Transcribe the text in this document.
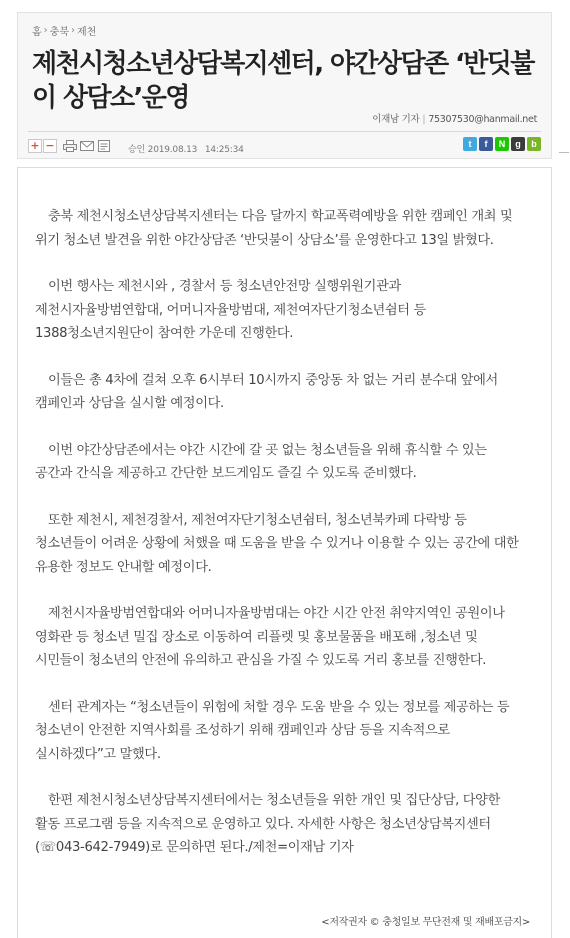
홈 › 충북 › 제천
제천시청소년상담복지센터, 야간상담존 ‘반딧불이 상담소’운영
이재남 기자 | 75307530@hanmail.net
+ −	승인 2019.08.13 14:25:34
t	f	N	g	b

충북 제천시청소년상담복지센터는 다음 달까지 학교폭력예방을 위한 캠페인 개최 및 위기 청소년 발견을 위한 야간상담존 ‘반딧불이 상담소’를 운영한다고 13일 밝혔다.

이번 행사는 제천시와 , 경찰서 등 청소년안전망 실행위원기관과 제천시자율방범연합대, 어머니자율방범대, 제천여자단기청소년쉼터 등 1388청소년지원단이 참여한 가운데 진행한다.

이들은 총 4차에 걸쳐 오후 6시부터 10시까지 중앙동 차 없는 거리 분수대 앞에서 캠페인과 상담을 실시할 예정이다.

이번 야간상담존에서는 야간 시간에 갈 곳 없는 청소년들을 위해 휴식할 수 있는 공간과 간식을 제공하고 간단한 보드게임도 즐길 수 있도록 준비했다.

또한 제천시, 제천경찰서, 제천여자단기청소년쉼터, 청소년북카페 다락방 등 청소년들이 어려운 상황에 처했을 때 도움을 받을 수 있거나 이용할 수 있는 공간에 대한 유용한 정보도 안내할 예정이다.

제천시자율방범연합대와 어머니자율방범대는 야간 시간 안전 취약지역인 공원이나 영화관 등 청소년 밀집 장소로 이동하여 리플렛 및 홍보물품을 배포해 ,청소년 및 시민들이 청소년의 안전에 유의하고 관심을 가질 수 있도록 거리 홍보를 진행한다.

센터 관계자는 “청소년들이 위험에 처할 경우 도움 받을 수 있는 정보를 제공하는 등 청소년이 안전한 지역사회를 조성하기 위해 캠페인과 상담 등을 지속적으로 실시하겠다”고 말했다.

한편 제천시청소년상담복지센터에서는 청소년들을 위한 개인 및 집단상담, 다양한 활동 프로그램 등을 지속적으로 운영하고 있다. 자세한 사항은 청소년상담복지센터(☏043-642-7949)로 문의하면 된다./제천=이재남 기자

<저작권자 © 충청일보 무단전재 및 재배포금지>
